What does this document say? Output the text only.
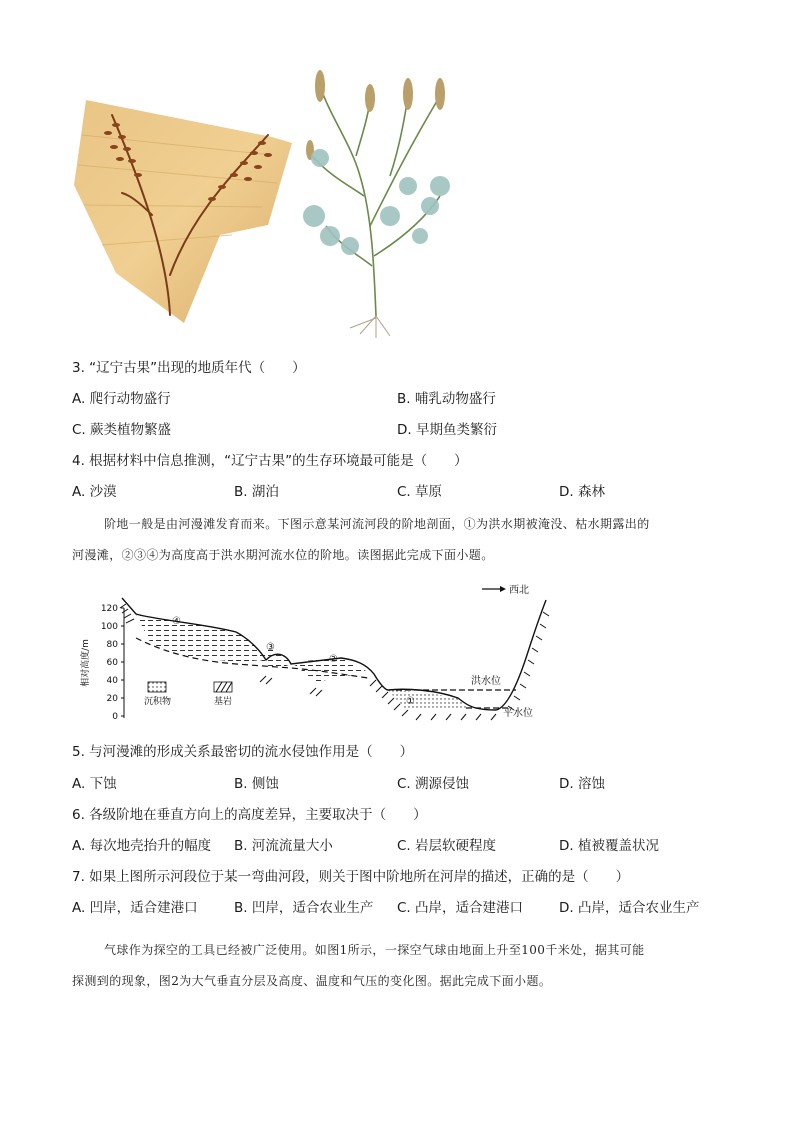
3. “辽宁古果”出现的地质年代（　　）
A. 爬行动物盛行	B. 哺乳动物盛行
C. 蕨类植物繁盛	D. 早期鱼类繁衍
4. 根据材料中信息推测，“辽宁古果”的生存环境最可能是（　　）
A. 沙漠	B. 湖泊	C. 草原	D. 森林
阶地一般是由河漫滩发育而来。下图示意某河流河段的阶地剖面，①为洪水期被淹没、枯水期露出的
河漫滩，②③④为高度高于洪水期河流水位的阶地。读图据此完成下面小题。
120
100
80
60
40
20
0
相对高度/m
西北
洪水位
平水位
①
②
③
④
沉积物	基岩
5. 与河漫滩的形成关系最密切的流水侵蚀作用是（　　）
A. 下蚀	B. 侧蚀	C. 溯源侵蚀	D. 溶蚀
6. 各级阶地在垂直方向上的高度差异，主要取决于（　　）
A. 每次地壳抬升的幅度 B. 河流流量大小	C. 岩层软硬程度	D. 植被覆盖状况
7. 如果上图所示河段位于某一弯曲河段，则关于图中阶地所在河岸的描述，正确的是（　　）
A. 凹岸，适合建港口	B. 凹岸，适合农业生产 C. 凸岸，适合建港口	D. 凸岸，适合农业生产
气球作为探空的工具已经被广泛使用。如图1所示，一探空气球由地面上升至100千米处，据其可能
探测到的现象，图2为大气垂直分层及高度、温度和气压的变化图。据此完成下面小题。
